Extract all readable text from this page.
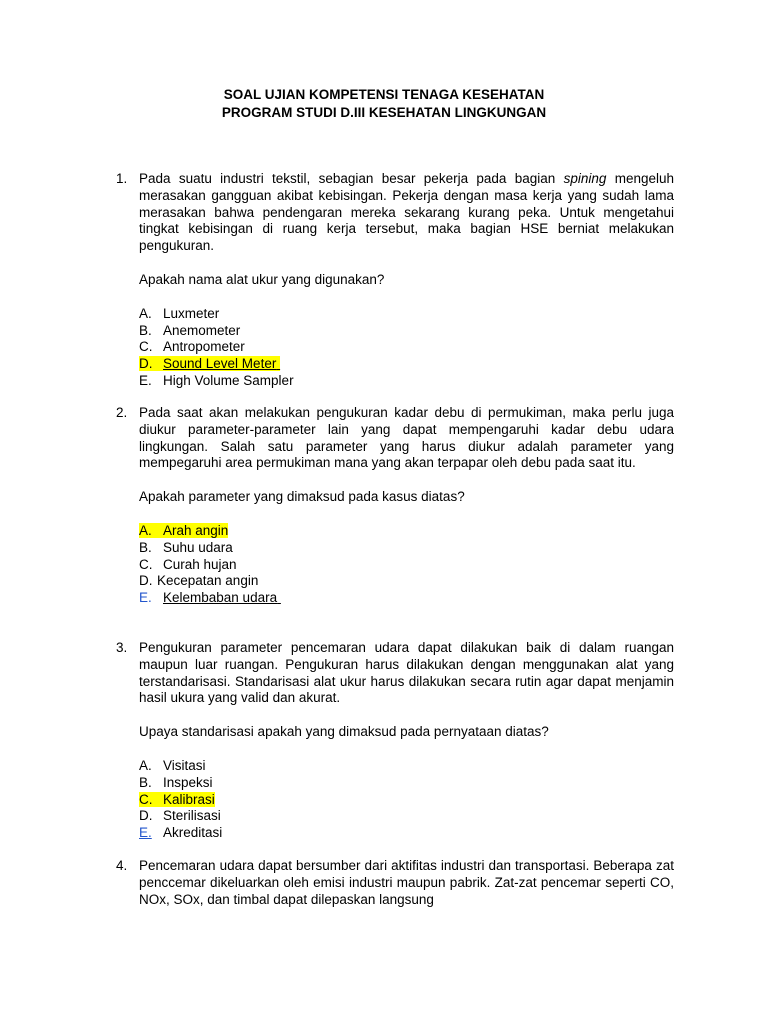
SOAL UJIAN KOMPETENSI TENAGA KESEHATAN
PROGRAM STUDI D.III KESEHATAN LINGKUNGAN
1. Pada suatu industri tekstil, sebagian besar pekerja pada bagian spining mengeluh merasakan gangguan akibat kebisingan. Pekerja dengan masa kerja yang sudah lama merasakan bahwa pendengaran mereka sekarang kurang peka. Untuk mengetahui tingkat kebisingan di ruang kerja tersebut, maka bagian HSE berniat melakukan pengukuran.
Apakah nama alat ukur yang digunakan?
A. Luxmeter
B. Anemometer
C. Antropometer
D. Sound Level Meter
E. High Volume Sampler
2. Pada saat akan melakukan pengukuran kadar debu di permukiman, maka perlu juga diukur parameter-parameter lain yang dapat mempengaruhi kadar debu udara lingkungan. Salah satu parameter yang harus diukur adalah parameter yang mempegaruhi area permukiman mana yang akan terpapar oleh debu pada saat itu.
Apakah parameter yang dimaksud pada kasus diatas?
A. Arah angin
B. Suhu udara
C. Curah hujan
D. Kecepatan angin
E. Kelembaban udara
3. Pengukuran parameter pencemaran udara dapat dilakukan baik di dalam ruangan maupun luar ruangan. Pengukuran harus dilakukan dengan menggunakan alat yang terstandarisasi. Standarisasi alat ukur harus dilakukan secara rutin agar dapat menjamin hasil ukura yang valid dan akurat.
Upaya standarisasi apakah yang dimaksud pada pernyataan diatas?
A. Visitasi
B. Inspeksi
C. Kalibrasi
D. Sterilisasi
E. Akreditasi
4. Pencemaran udara dapat bersumber dari aktifitas industri dan transportasi. Beberapa zat penccemar dikeluarkan oleh emisi industri maupun pabrik. Zat-zat pencemar seperti CO, NOx, SOx, dan timbal dapat dilepaskan langsung
